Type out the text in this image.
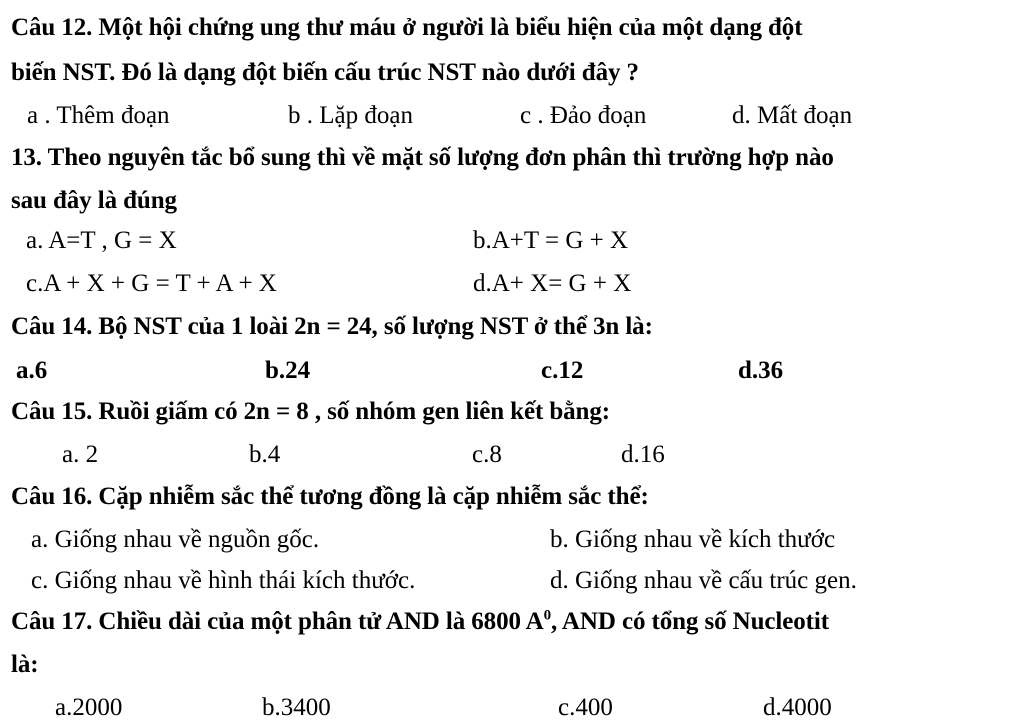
Câu 12. Một hội chứng ung thư máu ở người là biểu hiện của một dạng đột
biến NST. Đó là dạng đột biến cấu trúc NST nào dưới đây ?
a . Thêm đoạn	b . Lặp đoạn	c . Đảo đoạn	d. Mất đoạn
13. Theo nguyên tắc bổ sung thì về mặt số lượng đơn phân thì trường hợp nào
sau đây là đúng
a. A=T , G = X	b.A+T = G + X
c.A + X + G = T + A + X	d.A+ X= G + X
Câu 14. Bộ NST của 1 loài 2n = 24, số lượng NST ở thể 3n là:
a.6	b.24	c.12	d.36
Câu 15. Ruồi giấm có 2n = 8 , số nhóm gen liên kết bằng:
a. 2	b.4	c.8	d.16
Câu 16. Cặp nhiễm sắc thể tương đồng là cặp nhiễm sắc thể:
a. Giống nhau về nguồn gốc.	b. Giống nhau về kích thước
c. Giống nhau về hình thái kích thước.	d. Giống nhau về cấu trúc gen.
Câu 17. Chiều dài của một phân tử AND là 6800 $A^0$, AND có tổng số Nucleotit
là:
a.2000	b.3400	c.400	d.4000
